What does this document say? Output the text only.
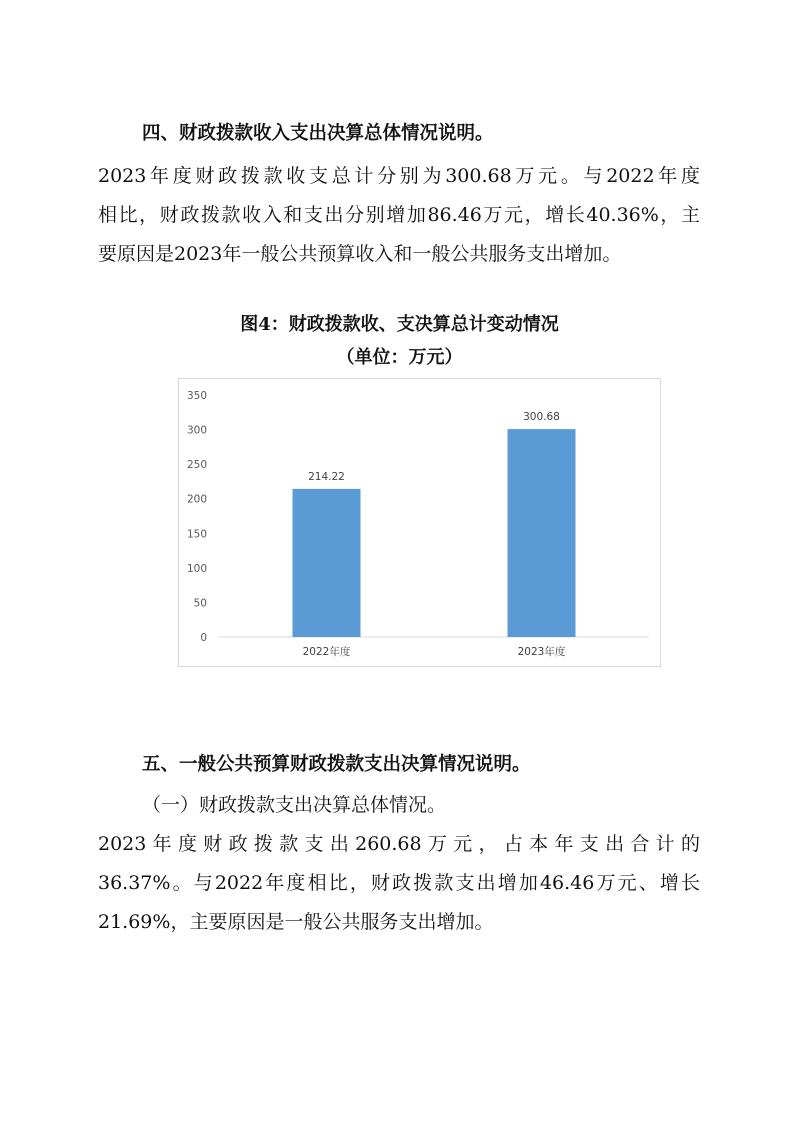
四、财政拨款收入支出决算总体情况说明。
2023年度财政拨款收支总计分别为300.68万元。与2022年度
相比，财政拨款收入和支出分别增加86.46万元，增长40.36%，主
要原因是2023年一般公共预算收入和一般公共服务支出增加。
图4：财政拨款收、支决算总计变动情况
（单位：万元）
0
50
100
150
200
250
300
350
214.22
2022年度
300.68
2023年度
五、一般公共预算财政拨款支出决算情况说明。
（一）财政拨款支出决算总体情况。
2023年度财政拨款支出260.68万元，占本年支出合计的
36.37%。与2022年度相比，财政拨款支出增加46.46万元、增长
21.69%，主要原因是一般公共服务支出增加。
